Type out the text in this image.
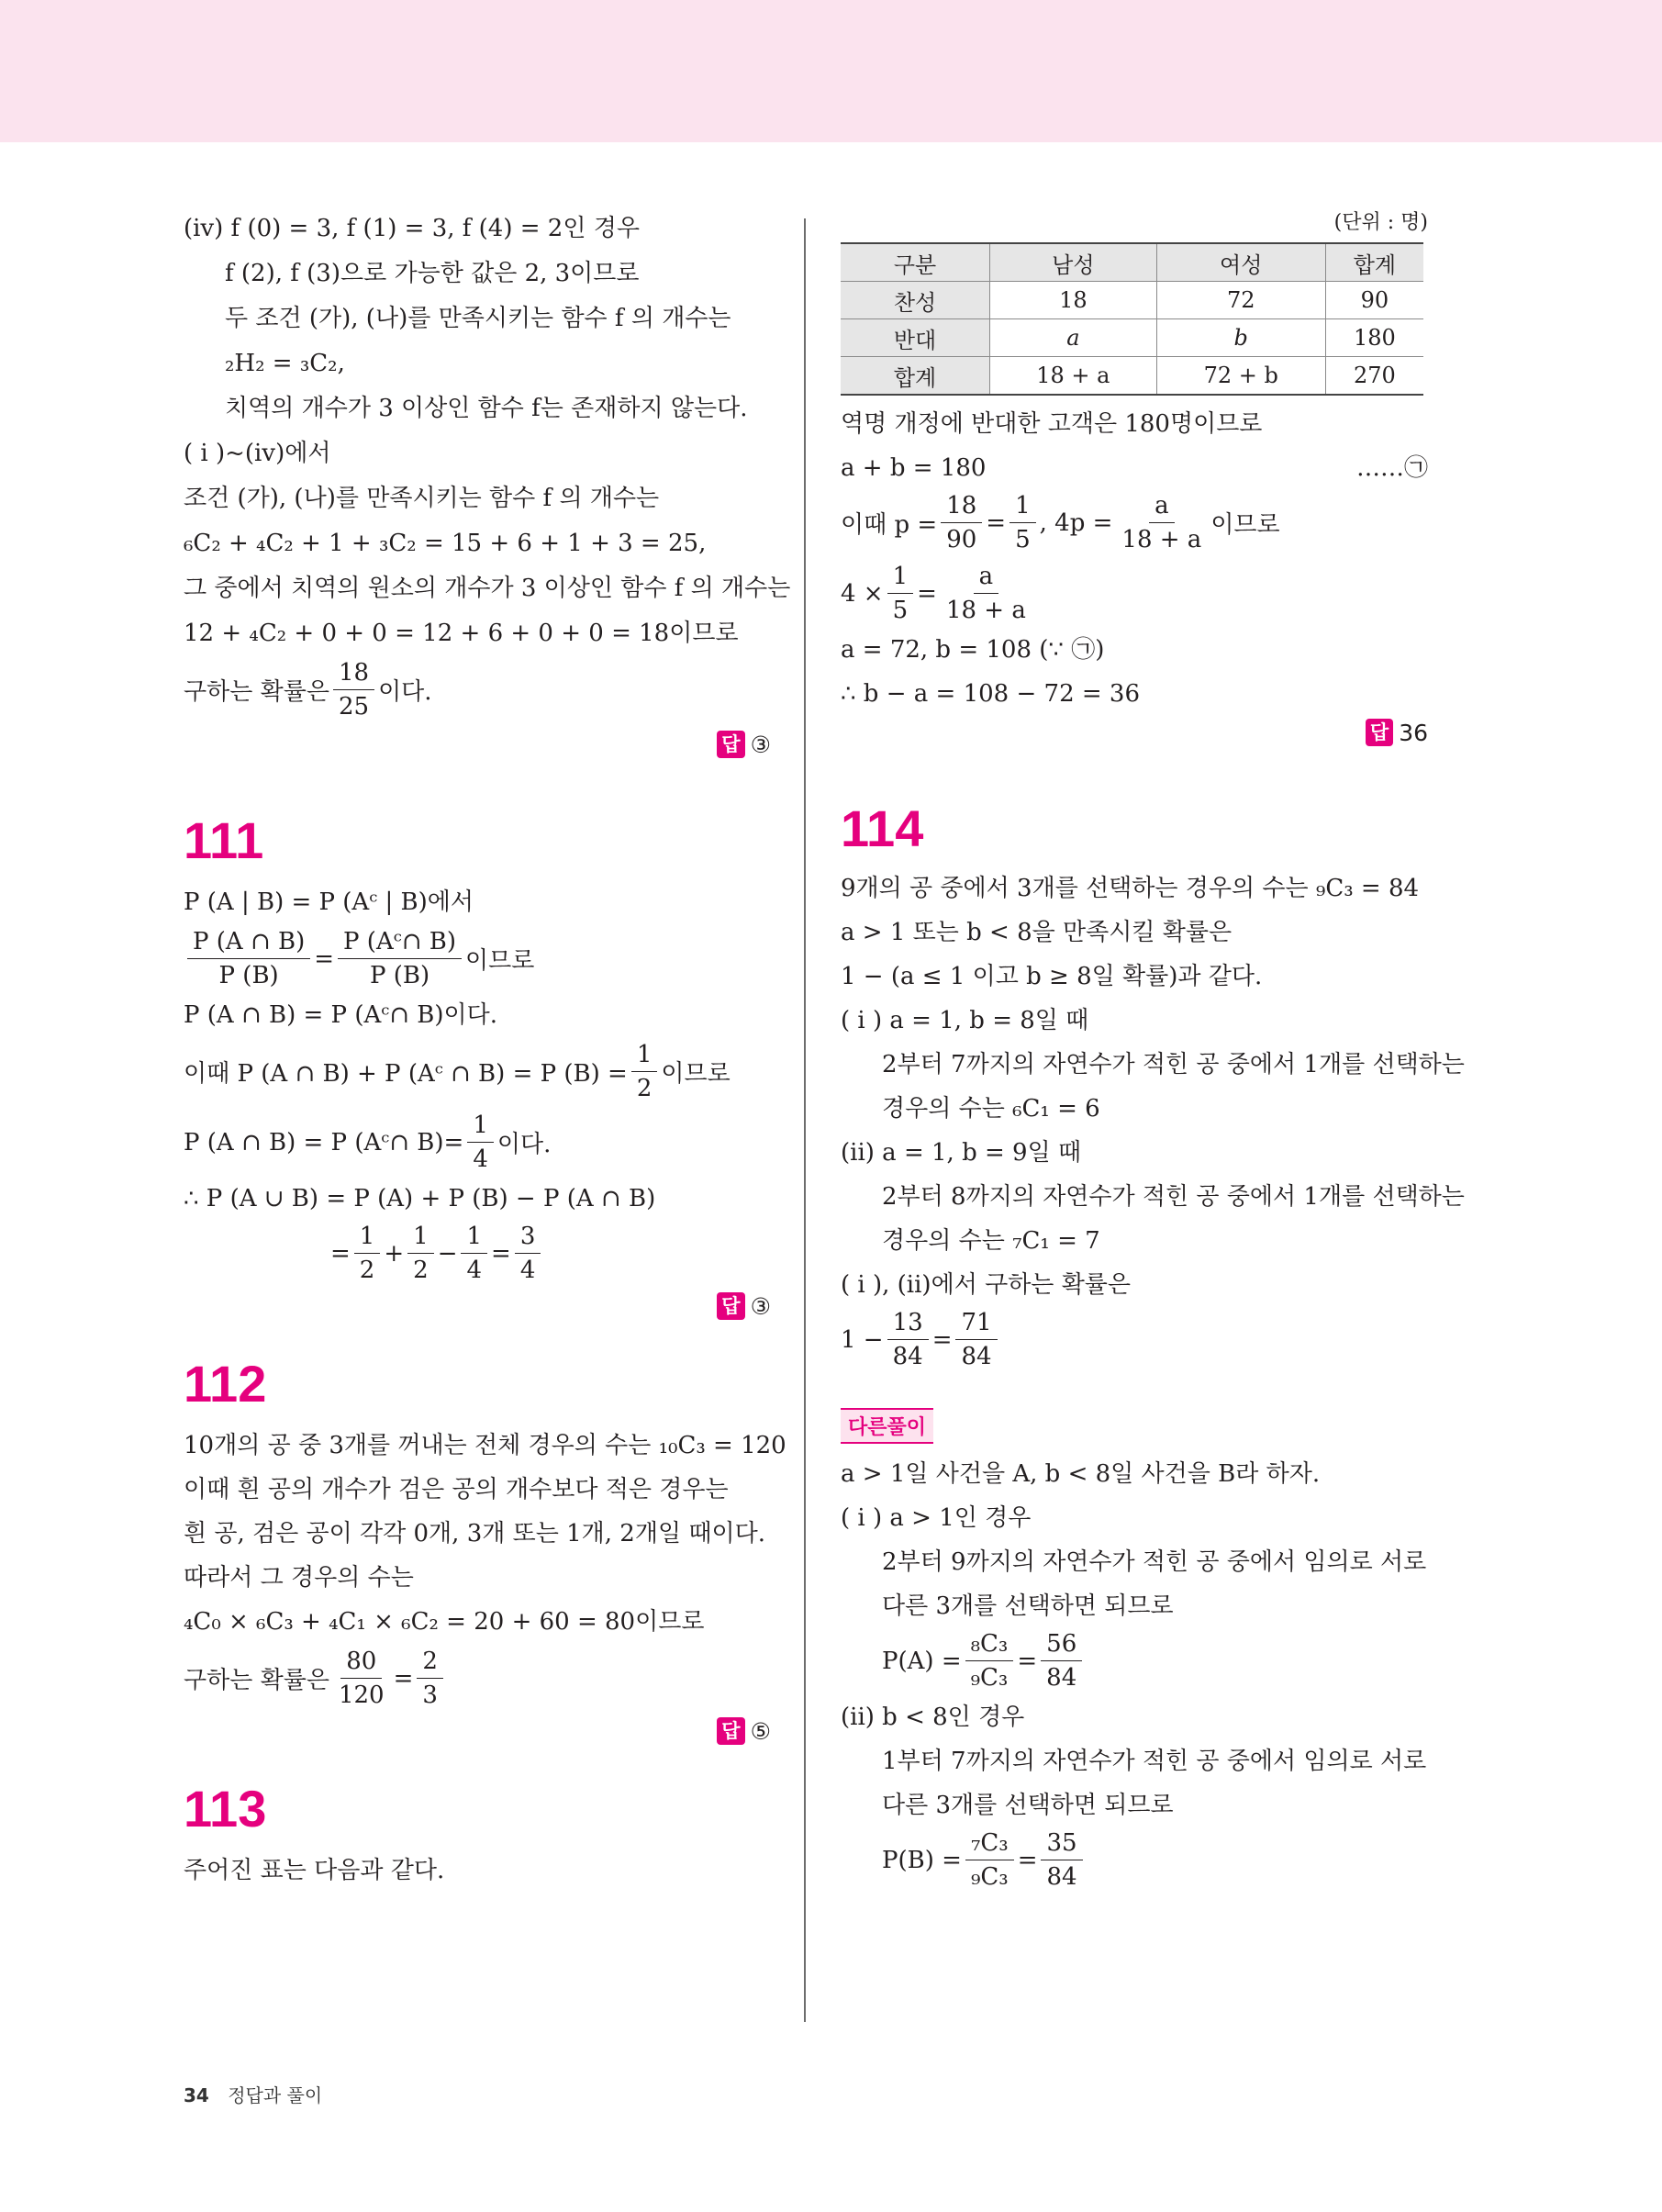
(ⅳ) f (0) = 3, f (1) = 3, f (4) = 2인 경우
f (2), f (3)으로 가능한 값은 2, 3이므로
두 조건 (가), (나)를 만족시키는 함수 f 의 개수는
₂H₂ = ₃C₂,
치역의 개수가 3 이상인 함수 f는 존재하지 않는다.
( i )~(ⅳ)에서
조건 (가), (나)를 만족시키는 함수 f 의 개수는
₆C₂ + ₄C₂ + 1 + ₃C₂ = 15 + 6 + 1 + 3 = 25,
그 중에서 치역의 원소의 개수가 3 이상인 함수 f 의 개수는
12 + ₄C₂ + 0 + 0 = 12 + 6 + 0 + 0 = 18이므로
구하는 확률은 $\frac{18}{25}$ 이다.
답 ③
111
P (A | B) = P (Aᶜ | B)에서
$\frac{P (A \cap B)}{P (B)} = \frac{\text{P (Aᶜ∩ B)}}{P (B)}$ 이므로
P (A ∩ B) = P (Aᶜ∩ B)이다.
이때 P (A ∩ B) + P (Aᶜ ∩ B) = P $(B) = \frac{1}{2}$ 이므로
P (A ∩ B) = P (Aᶜ∩ $B)= \frac{1}{4}$ 이다.
∴ P (A ∪ B) = P (A) + P (B) − P (A ∩ B)
= $\frac{1}{2} + \frac{1}{2} - \frac{1}{4} = \frac{3}{4}$
답 ③
112
10개의 공 중 3개를 꺼내는 전체 경우의 수는 ₁₀C₃ = 120
이때 흰 공의 개수가 검은 공의 개수보다 적은 경우는
흰 공, 검은 공이 각각 0개, 3개 또는 1개, 2개일 때이다.
따라서 그 경우의 수는
₄C₀ × ₆C₃ + ₄C₁ × ₆C₂ = 20 + 60 = 80이므로
구하는 확률은 $\frac{80}{120} = \frac{2}{3}$
답 ⑤
113
주어진 표는 다음과 같다.
(단위 : 명)
구분	남성	여성	합계
찬성	18	72	90
반대	a	b	180
합계	18 + a	72 + b	270
역명 개정에 반대한 고객은 180명이므로
a + b = 180	……㉠
이때 $p = \frac{18}{90} = \frac{1}{5}$ , $4p = \frac{a}{18 + a}$ 이므로
$4 \times \frac{1}{5} = \frac{a}{18 + a}$
a = 72, b = 108 (∵ ㉠)
∴ b − a = 108 − 72 = 36
답 36
114
9개의 공 중에서 3개를 선택하는 경우의 수는 ₉C₃ = 84
a > 1 또는 b < 8을 만족시킬 확률은
1 − (a ≤ 1 이고 b ≥ 8일 확률)과 같다.
( i ) a = 1, b = 8일 때
2부터 7까지의 자연수가 적힌 공 중에서 1개를 선택하는
경우의 수는 ₆C₁ = 6
(ii) a = 1, b = 9일 때
2부터 8까지의 자연수가 적힌 공 중에서 1개를 선택하는
경우의 수는 ₇C₁ = 7
( i ), (ii)에서 구하는 확률은
$1 - \frac{13}{84} = \frac{71}{84}$
다른풀이
a > 1일 사건을 A, b < 8일 사건을 B라 하자.
( i ) a > 1인 경우
2부터 9까지의 자연수가 적힌 공 중에서 임의로 서로
다른 3개를 선택하면 되므로
$P(A) = \frac{\text{₈C₃}}{\text{₉C₃}} = \frac{56}{84}$
(ii) b < 8인 경우
1부터 7까지의 자연수가 적힌 공 중에서 임의로 서로
다른 3개를 선택하면 되므로
$P(B) = \frac{\text{₇C₃}}{\text{₉C₃}} = \frac{35}{84}$
34 정답과 풀이
